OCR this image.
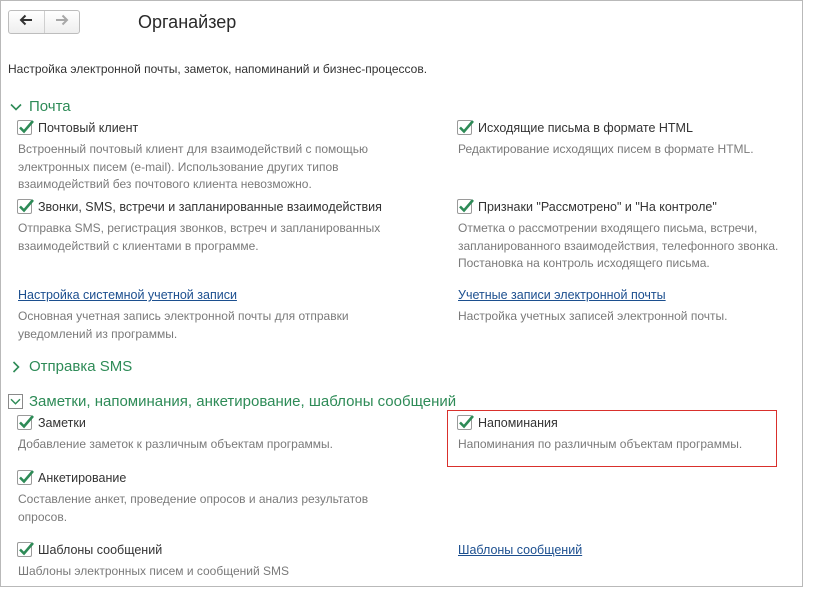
Органайзер
Настройка электронной почты, заметок, напоминаний и бизнес-процессов.
Почта
Почтовый клиент
Встроенный почтовый клиент для взаимодействий с помощью
электронных писем (e-mail). Использование других типов
взаимодействий без почтового клиента невозможно.
Исходящие письма в формате HTML
Редактирование исходящих писем в формате HTML.
Звонки, SMS, встречи и запланированные взаимодействия
Отправка SMS, регистрация звонков, встреч и запланированных
взаимодействий с клиентами в программе.
Признаки "Рассмотрено" и "На контроле"
Отметка о рассмотрении входящего письма, встречи,
запланированного взаимодействия, телефонного звонка.
Постановка на контроль исходящего письма.
Настройка системной учетной записи
Основная учетная запись электронной почты для отправки
уведомлений из программы.
Учетные записи электронной почты
Настройка учетных записей электронной почты.
Отправка SMS
Заметки, напоминания, анкетирование, шаблоны сообщений
Заметки
Добавление заметок к различным объектам программы.
Напоминания
Напоминания по различным объектам программы.
Анкетирование
Составление анкет, проведение опросов и анализ результатов
опросов.
Шаблоны сообщений
Шаблоны электронных писем и сообщений SMS
Шаблоны сообщений
